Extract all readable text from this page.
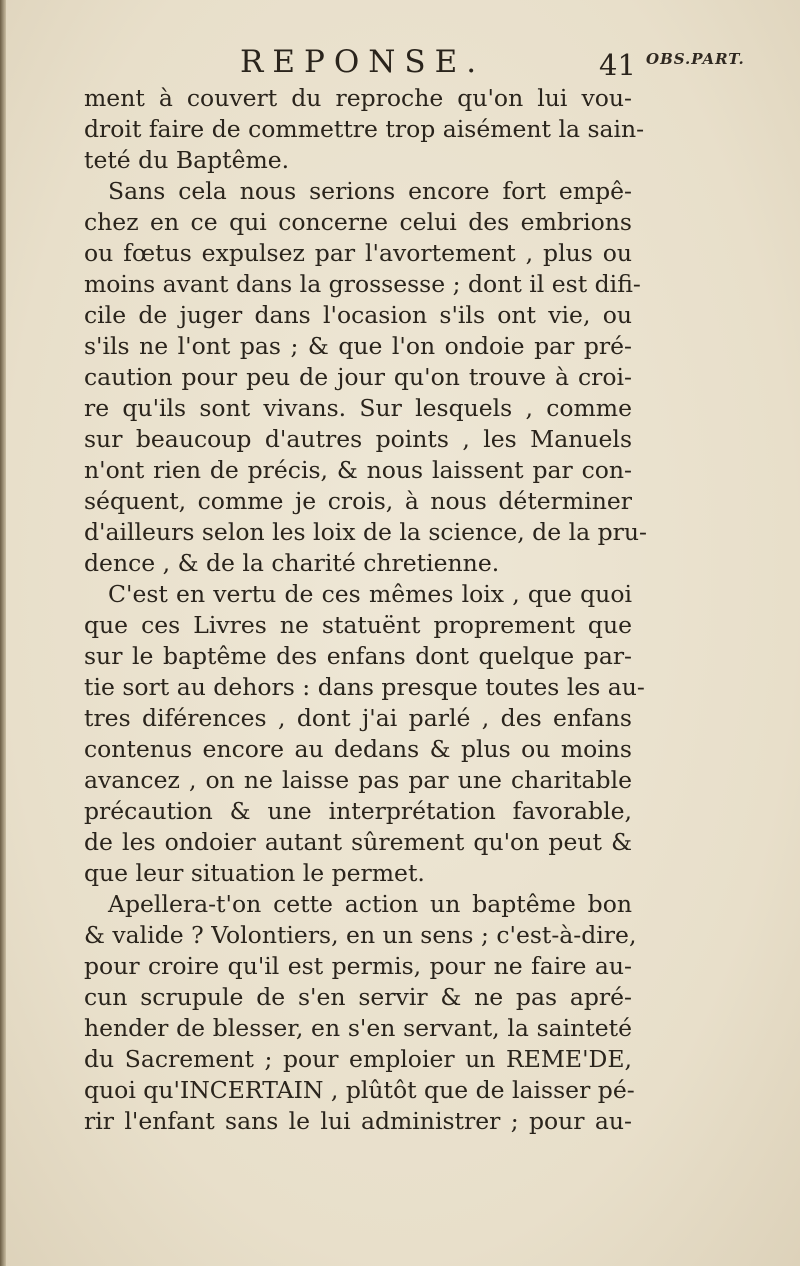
REPONSE.	41 OBS.PART.
ment à couvert du reproche qu'on lui vou-
droit faire de commettre trop aisément la sain-
teté du Baptême.
Sans cela nous serions encore fort empê-
chez en ce qui concerne celui des embrions
ou fœtus expulsez par l'avortement , plus ou
moins avant dans la grossesse ; dont il est difi-
cile de juger dans l'ocasion s'ils ont vie, ou
s'ils ne l'ont pas ; & que l'on ondoie par pré-
caution pour peu de jour qu'on trouve à croi-
re qu'ils sont vivans. Sur lesquels , comme
sur beaucoup d'autres points , les Manuels
n'ont rien de précis, & nous laissent par con-
séquent, comme je crois, à nous déterminer
d'ailleurs selon les loix de la science, de la pru-
dence , & de la charité chretienne.
C'est en vertu de ces mêmes loix , que quoi
que ces Livres ne statuënt proprement que
sur le baptême des enfans dont quelque par-
tie sort au dehors : dans presque toutes les au-
tres diférences , dont j'ai parlé , des enfans
contenus encore au dedans & plus ou moins
avancez , on ne laisse pas par une charitable
précaution & une interprétation favorable,
de les ondoier autant sûrement qu'on peut &
que leur situation le permet.
Apellera-t'on cette action un baptême bon
& valide ? Volontiers, en un sens ; c'est-à-dire,
pour croire qu'il est permis, pour ne faire au-
cun scrupule de s'en servir & ne pas apré-
hender de blesser, en s'en servant, la sainteté
du Sacrement ; pour emploier un REME'DE,
quoi qu'INCERTAIN , plûtôt que de laisser pé-
rir l'enfant sans le lui administrer ; pour au-
